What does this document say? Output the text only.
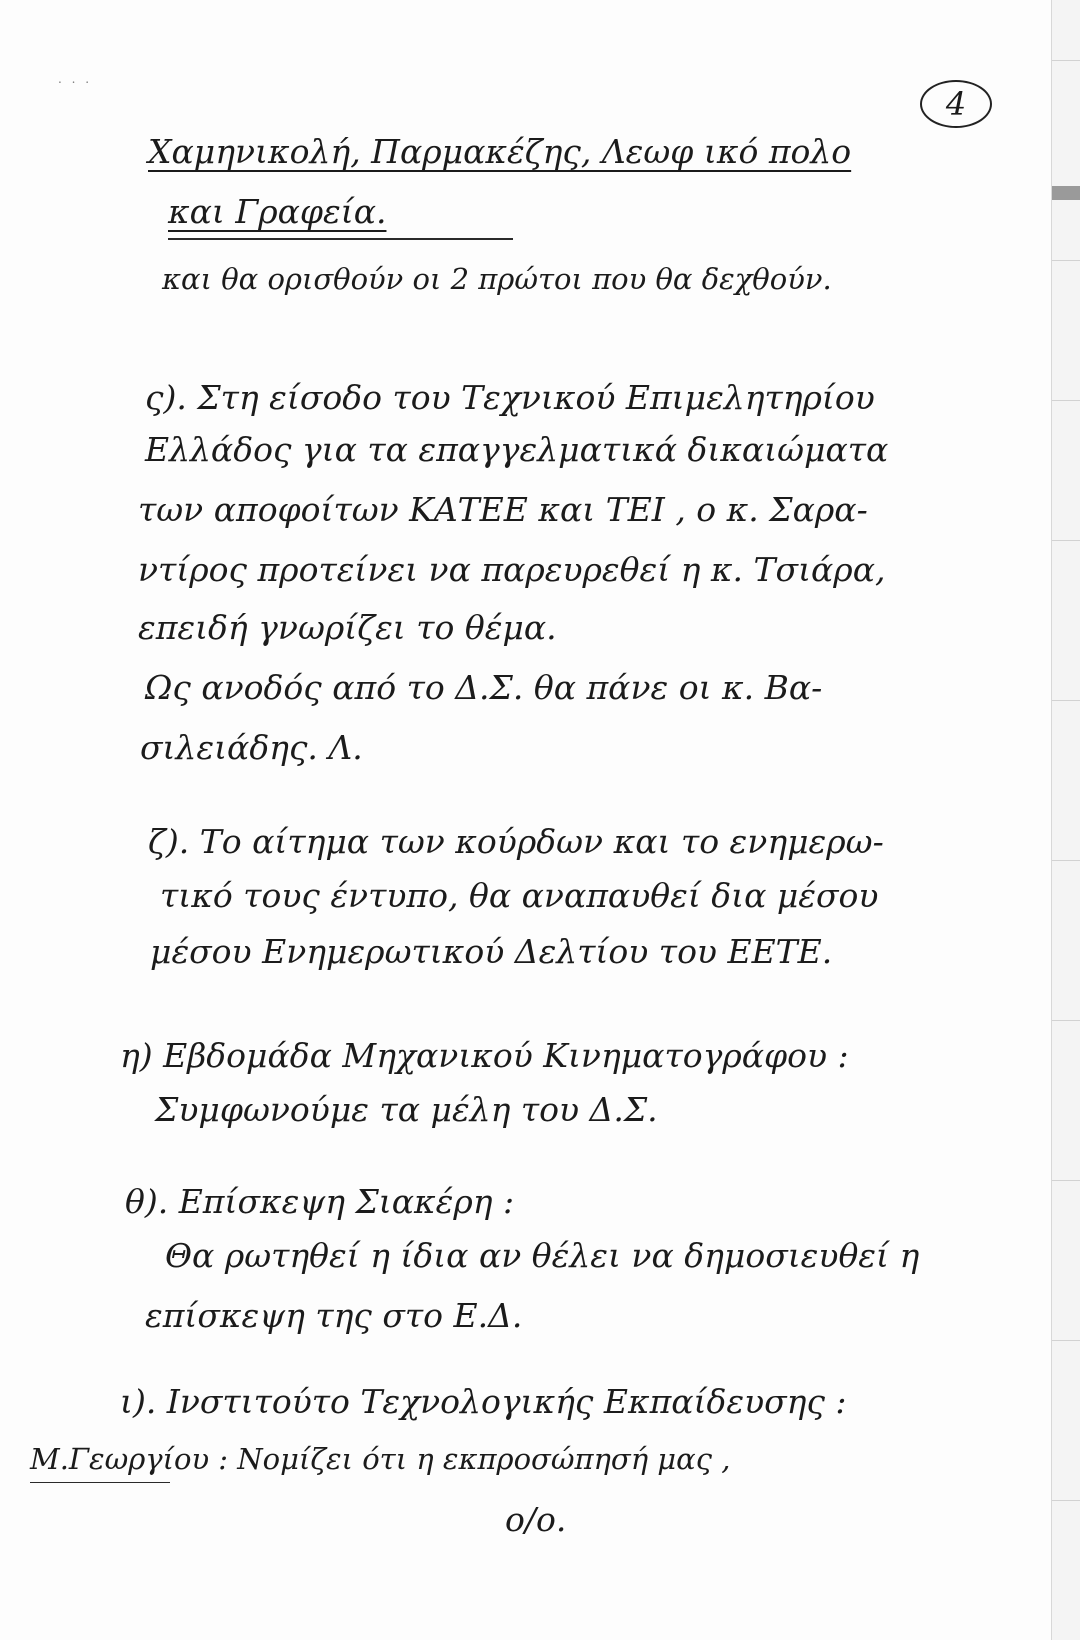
. . .
4
Χαμηνικολή, Παρμακέζης, Λεωφ ικό πολο
και Γραφεία.
και θα ορισθούν οι 2 πρώτοι που θα δεχθούν.
ς). Στη είσοδο του Τεχνικού Επιμελητηρίου
Ελλάδος για τα επαγγελματικά δικαιώματα
των αποφοίτων ΚΑΤΕΕ και ΤΕΙ , ο κ. Σαρα-
ντίρος προτείνει να παρευρεθεί η κ. Τσιάρα,
επειδή γνωρίζει το θέμα.
Ως ανοδός από το Δ.Σ. θα πάνε οι κ. Βα-
σιλειάδης. Λ.
ζ). Το αίτημα των κούρδων και το ενημερω-
τικό τους έντυπο, θα αναπαυθεί δια μέσου
μέσου Ενημερωτικού Δελτίου του ΕΕΤΕ.
η) Εβδομάδα Μηχανικού Κινηματογράφου :
Συμφωνούμε τα μέλη του Δ.Σ.
θ). Επίσκεψη Σιακέρη :
Θα ρωτηθεί η ίδια αν θέλει να δημοσιευθεί η
επίσκεψη της στο Ε.Δ.
ι). Ινστιτούτο Τεχνολογικής Εκπαίδευσης :
Μ.Γεωργίου : Νομίζει ότι η εκπροσώπησή μας ,
ο/ο.
